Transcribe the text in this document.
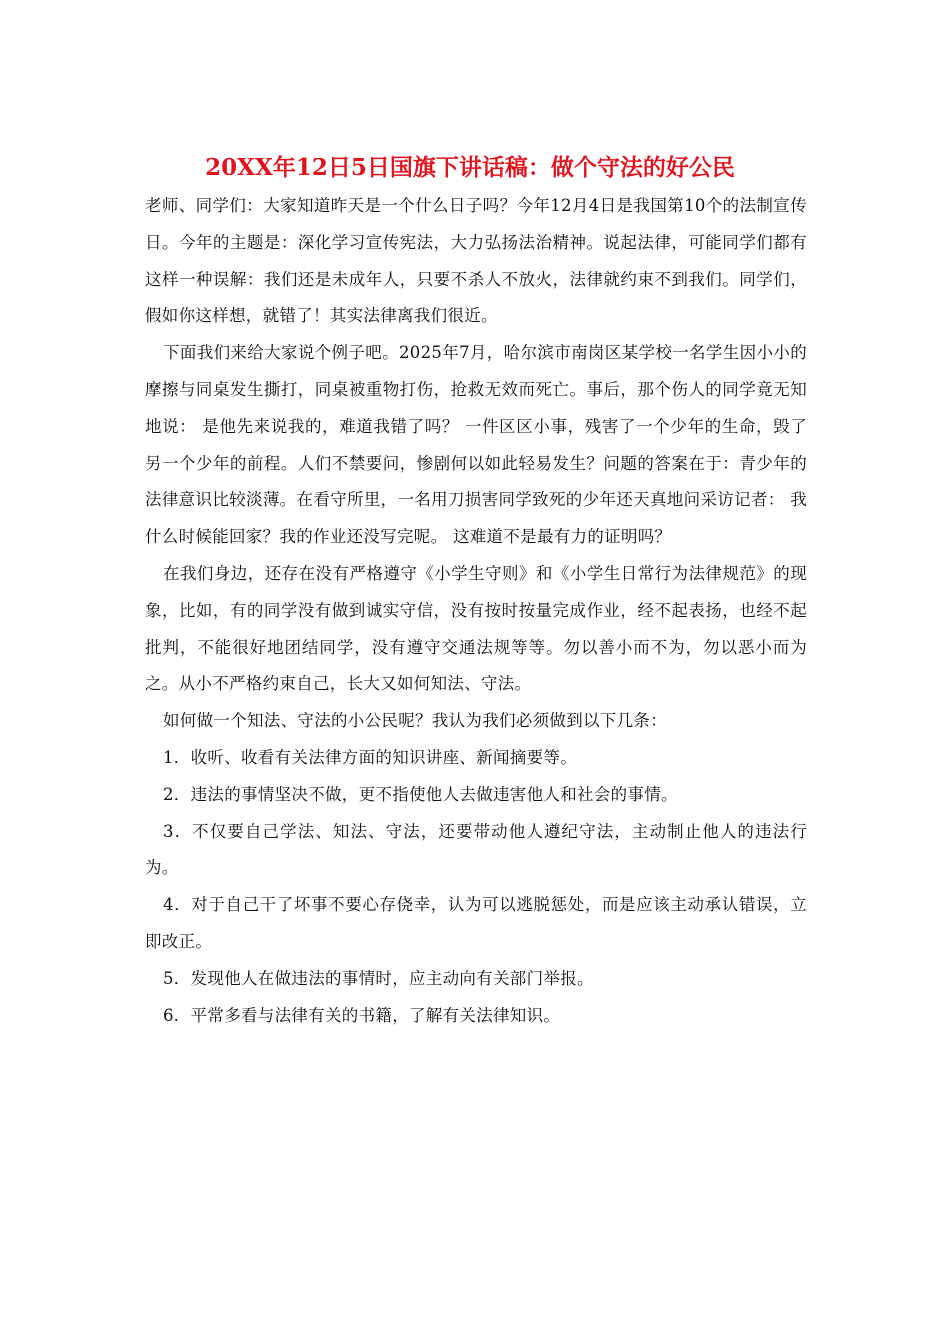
20XX年12日5日国旗下讲话稿：做个守法的好公民

老师、同学们：大家知道昨天是一个什么日子吗？今年12月4日是我国第10个的法制宣传日。今年的主题是：深化学习宣传宪法，大力弘扬法治精神。说起法律，可能同学们都有这样一种误解：我们还是未成年人，只要不杀人不放火，法律就约束不到我们。同学们，假如你这样想，就错了！其实法律离我们很近。

下面我们来给大家说个例子吧。2025年7月，哈尔滨市南岗区某学校一名学生因小小的摩擦与同桌发生撕打，同桌被重物打伤，抢救无效而死亡。事后，那个伤人的同学竟无知地说： 是他先来说我的，难道我错了吗？ 一件区区小事，残害了一个少年的生命，毁了另一个少年的前程。人们不禁要问，惨剧何以如此轻易发生？问题的答案在于：青少年的法律意识比较淡薄。在看守所里，一名用刀损害同学致死的少年还天真地问采访记者： 我什么时候能回家？我的作业还没写完呢。 这难道不是最有力的证明吗？

在我们身边，还存在没有严格遵守《小学生守则》和《小学生日常行为法律规范》的现象，比如，有的同学没有做到诚实守信，没有按时按量完成作业，经不起表扬，也经不起批判，不能很好地团结同学，没有遵守交通法规等等。勿以善小而不为，勿以恶小而为之。从小不严格约束自己，长大又如何知法、守法。

如何做一个知法、守法的小公民呢？我认为我们必须做到以下几条：

1．收听、收看有关法律方面的知识讲座、新闻摘要等。

2．违法的事情坚决不做，更不指使他人去做违害他人和社会的事情。

3．不仅要自己学法、知法、守法，还要带动他人遵纪守法，主动制止他人的违法行为。

4．对于自己干了坏事不要心存侥幸，认为可以逃脱惩处，而是应该主动承认错误，立即改正。

5．发现他人在做违法的事情时，应主动向有关部门举报。

6．平常多看与法律有关的书籍，了解有关法律知识。
